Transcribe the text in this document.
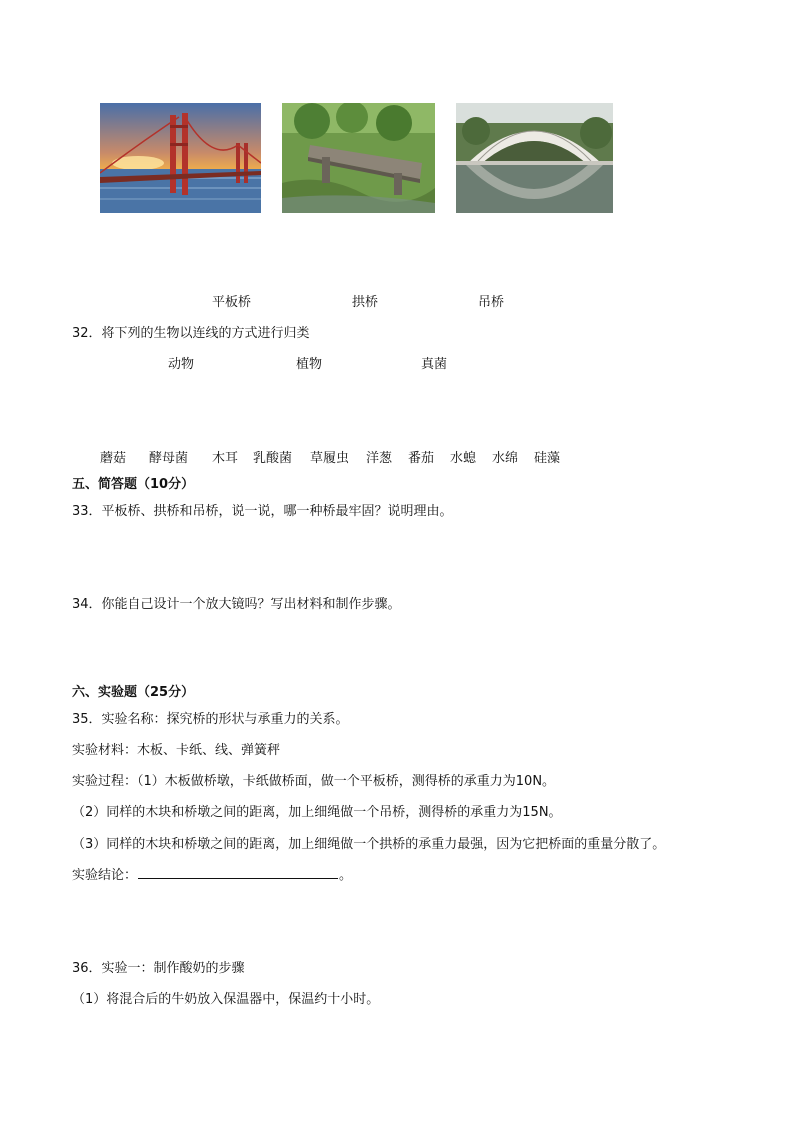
平板桥	拱桥	吊桥
32．将下列的生物以连线的方式进行归类
动物	植物	真菌
蘑菇 酵母菌 木耳 乳酸菌 草履虫 洋葱 番茄 水螅 水绵 硅藻
五、简答题（10分）
33．平板桥、拱桥和吊桥，说一说，哪一种桥最牢固？说明理由。
34．你能自己设计一个放大镜吗？写出材料和制作步骤。
六、实验题（25分）
35．实验名称：探究桥的形状与承重力的关系。
实验材料：木板、卡纸、线、弹簧秤
实验过程：（1）木板做桥墩，卡纸做桥面，做一个平板桥，测得桥的承重力为10N。
（2）同样的木块和桥墩之间的距离，加上细绳做一个吊桥，测得桥的承重力为15N。
（3）同样的木块和桥墩之间的距离，加上细绳做一个拱桥的承重力最强，因为它把桥面的重量分散了。
实验结论：	。
36．实验一：制作酸奶的步骤
（1）将混合后的牛奶放入保温器中，保温约十小时。
